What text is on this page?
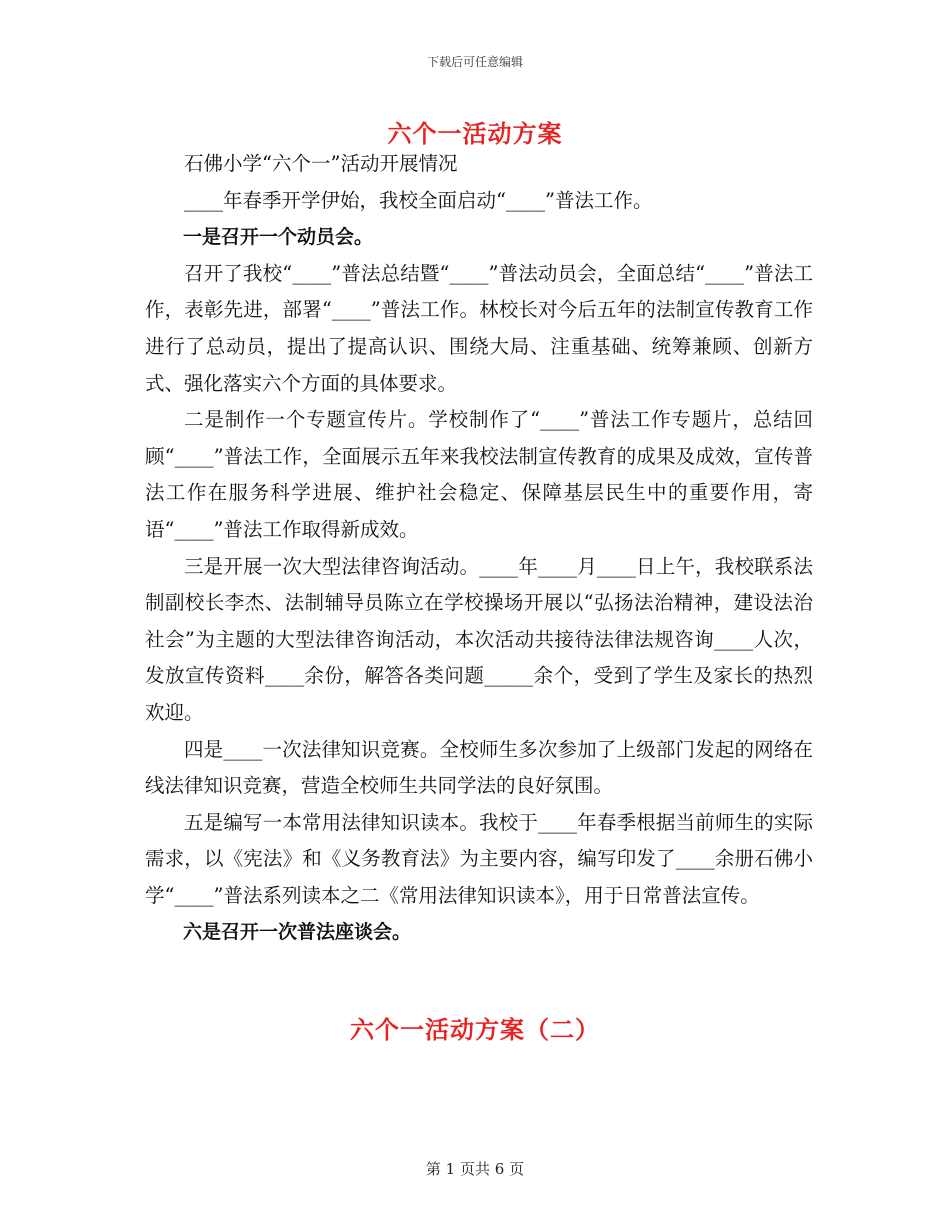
下载后可任意编辑
六个一活动方案

石佛小学“六个一”活动开展情况

____年春季开学伊始，我校全面启动“____”普法工作。

一是召开一个动员会。

召开了我校“____”普法总结暨“____”普法动员会，全面总结“____”普法工作，表彰先进，部署“____”普法工作。林校长对今后五年的法制宣传教育工作进行了总动员，提出了提高认识、围绕大局、注重基础、统筹兼顾、创新方式、强化落实六个方面的具体要求。

二是制作一个专题宣传片。学校制作了“____”普法工作专题片，总结回顾“____”普法工作，全面展示五年来我校法制宣传教育的成果及成效，宣传普法工作在服务科学进展、维护社会稳定、保障基层民生中的重要作用，寄语“____”普法工作取得新成效。

三是开展一次大型法律咨询活动。____年____月____日上午，我校联系法制副校长李杰、法制辅导员陈立在学校操场开展以“弘扬法治精神，建设法治社会”为主题的大型法律咨询活动，本次活动共接待法律法规咨询____人次，发放宣传资料____余份，解答各类问题_____余个，受到了学生及家长的热烈欢迎。

四是____一次法律知识竞赛。全校师生多次参加了上级部门发起的网络在线法律知识竞赛，营造全校师生共同学法的良好氛围。

五是编写一本常用法律知识读本。我校于____年春季根据当前师生的实际需求，以《宪法》和《义务教育法》为主要内容，编写印发了____余册石佛小学“____”普法系列读本之二《常用法律知识读本》，用于日常普法宣传。

六是召开一次普法座谈会。

六个一活动方案（二）
第 1 页共 6 页
